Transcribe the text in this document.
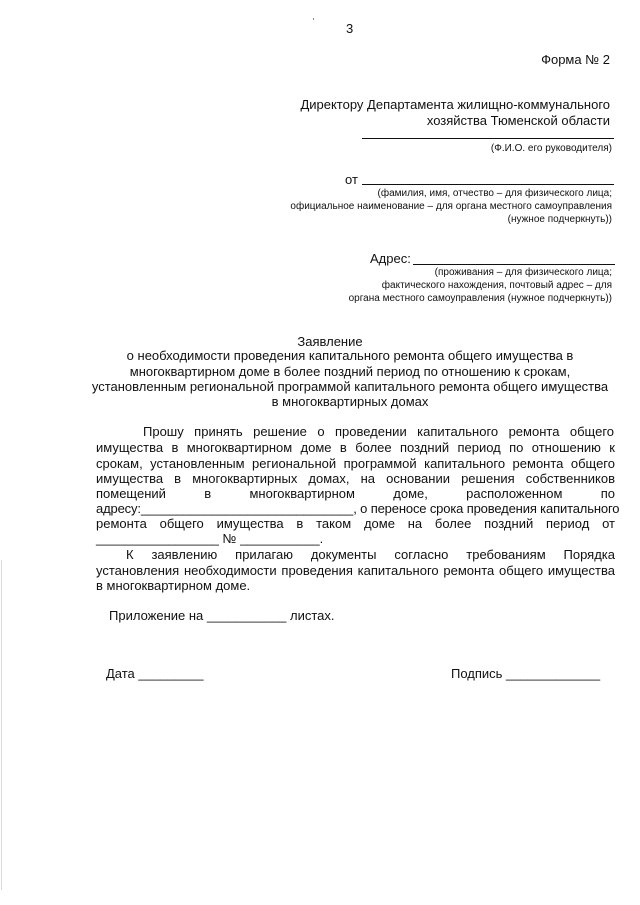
3
Форма № 2
Директору Департамента жилищно-коммунального
хозяйства Тюменской области
(Ф.И.О. его руководителя)
от
(фамилия, имя, отчество – для физического лица;
официальное наименование – для органа местного самоуправления
(нужное подчеркнуть))
Адрес:
(проживания – для физического лица;
фактического нахождения, почтовый адрес – для
органа местного самоуправления (нужное подчеркнуть))
Заявление
о необходимости проведения капитального ремонта общего имущества в
многоквартирном доме в более поздний период по отношению к срокам,
установленным региональной программой капитального ремонта общего имущества
в многоквартирных домах
Прошу принять решение о проведении капитального ремонта общего
имущества в многоквартирном доме в более поздний период по отношению к
срокам, установленным региональной программой капитального ремонта общего
имущества в многоквартирных домах, на основании решения собственников
помещений в многоквартирном доме, расположенном по
адресу:______________________________, о переносе срока проведения капитального
ремонта общего имущества в таком доме на более поздний период от
_________________ № ___________.
К заявлению прилагаю документы согласно требованиям Порядка
установления необходимости проведения капитального ремонта общего имущества
в многоквартирном доме.
Приложение на ___________ листах.
Дата _________	Подпись _____________
